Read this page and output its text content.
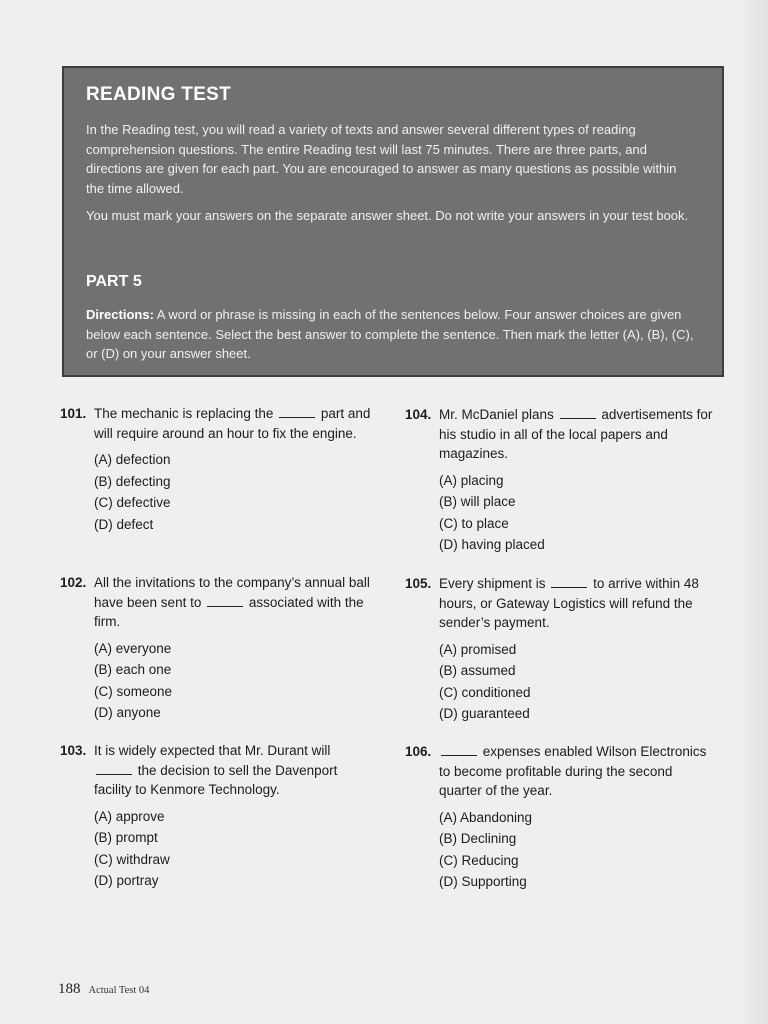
READING TEST
In the Reading test, you will read a variety of texts and answer several different types of reading comprehension questions. The entire Reading test will last 75 minutes. There are three parts, and directions are given for each part. You are encouraged to answer as many questions as possible within the time allowed.
You must mark your answers on the separate answer sheet. Do not write your answers in your test book.
PART 5
Directions: A word or phrase is missing in each of the sentences below. Four answer choices are given below each sentence. Select the best answer to complete the sentence. Then mark the letter (A), (B), (C), or (D) on your answer sheet.
101. The mechanic is replacing the	part and will require around an hour to fix the engine.
(A) defection
(B) defecting
(C) defective
(D) defect
102. All the invitations to the company’s annual ball have been sent to	associated with the firm.
(A) everyone
(B) each one
(C) someone
(D) anyone
103. It is widely expected that Mr. Durant will  the decision to sell the Davenport facility to Kenmore Technology.
(A) approve
(B) prompt
(C) withdraw
(D) portray
104. Mr. McDaniel plans	advertisements for his studio in all of the local papers and magazines.
(A) placing
(B) will place
(C) to place
(D) having placed
105. Every shipment is	to arrive within 48 hours, or Gateway Logistics will refund the sender’s payment.
(A) promised
(B) assumed
(C) conditioned
(D) guaranteed
106.	expenses enabled Wilson Electronics to become profitable during the second quarter of the year.
(A) Abandoning
(B) Declining
(C) Reducing
(D) Supporting
188 Actual Test 04
